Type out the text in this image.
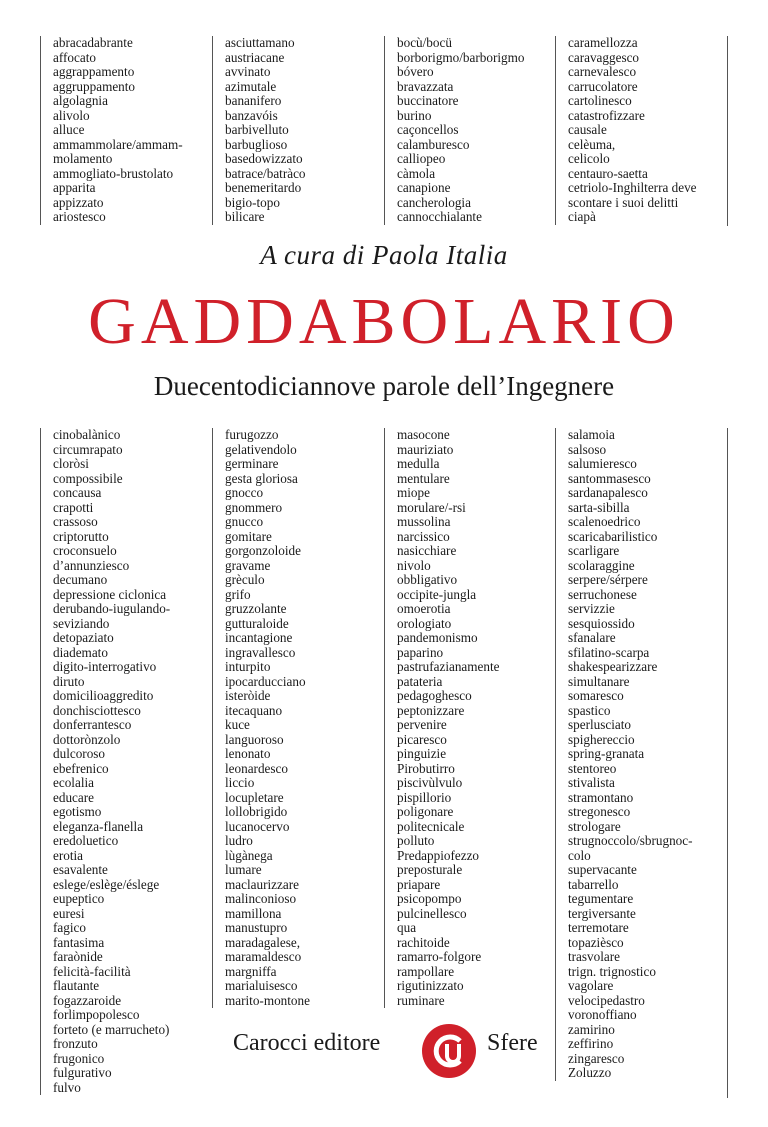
abracadabrante
affocato
aggrappamento
aggruppamento
algolagnia
alivolo
alluce
ammammolare/ammam-
molamento
ammogliato-brustolato
apparita
appizzato
ariostesco
asciuttamano
austriacane
avvinato
azimutale
bananifero
banzavóis
barbivelluto
barbuglioso
basedowizzato
batrace/batràco
benemeritardo
bigio-topo
bilicare
bocù/bocü
borborigmo/barborigmo
bóvero
bravazzata
buccinatore
burino
caçoncellos
calamburesco
calliopeo
càmola
canapione
cancherologia
cannocchialante
caramellozza
caravaggesco
carnevalesco
carrucolatore
cartolinesco
catastrofizzare
causale
celèuma,
celicolo
centauro-saetta
cetriolo-Inghilterra deve
scontare i suoi delitti
ciapà
A cura di Paola Italia
GADDABOLARIO
Duecentodiciannove parole dell’Ingegnere
cinobalànico
circumrapato
cloròsi
compossibile
concausa
crapotti
crassoso
criptorutto
croconsuelo
d’annunziesco
decumano
depressione ciclonica
derubando-iugulando-
seviziando
detopaziato
diademato
digito-interrogativo
diruto
domicilioaggredito
donchisciottesco
donferrantesco
dottorònzolo
dulcoroso
ebefrenico
ecolalia
educare
egotismo
eleganza-flanella
eredoluetico
erotia
esavalente
eslege/eslège/éslege
eupeptico
euresi
fagico
fantasima
faraònide
felicità-facilità
flautante
fogazzaroide
forlimpopolesco
forteto (e marrucheto)
fronzuto
frugonico
fulgurativo
fulvo
furugozzo
gelativendolo
germinare
gesta gloriosa
gnocco
gnommero
gnucco
gomitare
gorgonzoloide
gravame
grèculo
grifo
gruzzolante
gutturaloide
incantagione
ingravallesco
inturpito
ipocarducciano
isteròide
itecaquano
kuce
languoroso
lenonato
leonardesco
liccio
locupletare
lollobrigido
lucanocervo
ludro
lùgànega
lumare
maclaurizzare
malinconioso
mamillona
manustupro
maradagalese,
maramaldesco
margniffa
marialuisesco
marito-montone
masocone
mauriziato
medulla
mentulare
miope
morulare/-rsi
mussolina
narcissico
nasicchiare
nivolo
obbligativo
occipite-jungla
omoerotia
orologiato
pandemonismo
paparino
pastrufazianamente
patateria
pedagoghesco
peptonizzare
pervenire
picaresco
pinguizie
Pirobutirro
piscivùlvulo
pispillorio
poligonare
politecnicale
polluto
Predappiofezzo
preposturale
priapare
psicopompo
pulcinellesco
qua
rachitoide
ramarro-folgore
rampollare
rigutinizzato
ruminare
salamoia
salsoso
salumieresco
santommasesco
sardanapalesco
sarta-sibilla
scalenoedrico
scaricabarilistico
scarligare
scolaraggine
serpere/sérpere
serruchonese
servizzie
sesquiossido
sfanalare
sfilatino-scarpa
shakespearizzare
simultanare
somaresco
spastico
sperlusciato
spighereccio
spring-granata
stentoreo
stivalista
stramontano
stregonesco
strologare
strugnoccolo/sbrugnoc-
colo
supervacante
tabarrello
tegumentare
tergiversante
terremotare
topazièsco
trasvolare
trign. trignostico
vagolare
velocipedastro
voronoffiano
zamirino
zeffirino
zingaresco
Zoluzzo
Carocci editore	Sfere
